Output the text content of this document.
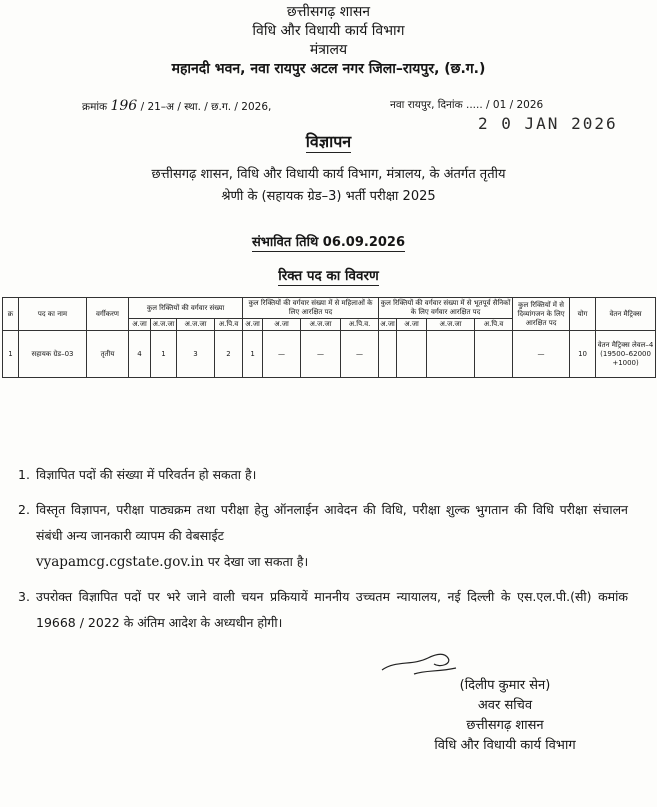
छत्तीसगढ़ शासन
विधि और विधायी कार्य विभाग
मंत्रालय
महानदी भवन, नवा रायपुर अटल नगर जिला–रायपुर, (छ.ग.)
क्रमांक 196 / 21–अ / स्था. / छ.ग. / 2026,	नवा रायपुर, दिनांक ..... / 01 / 2026
2 0 JAN 2026
विज्ञापन
छत्तीसगढ़ शासन, विधि और विधायी कार्य विभाग, मंत्रालय, के अंतर्गत तृतीय
श्रेणी के (सहायक ग्रेड–3) भर्ती परीक्षा 2025
संभावित तिथि 06.09.2026
रिक्त पद का विवरण
क्र	पद का नाम	वर्गीकरण	कुल रिक्तियों की वर्गवार संख्या				कुल रिक्तियों की वर्गवार संख्या में से महिलाओं के लिए आरक्षित पद				कुल रिक्तियों की वर्गवार संख्या में से भूतपूर्व सैनिकों के लिए वर्गवार आरक्षित पद				कुल रिक्तियों में से दिव्यांगजन के लिए आरक्षित पद	योग	वेतन मैट्रिक्स
			अ.जा	अ.ज.जा	अ.ज.जा	अ.पि.व	अ.जा	अ.जा	अ.ज.जा	अ.पि.व.	अ.जा	अ.जा	अ.ज.जा	अ.पि.व			
1	सहायक ग्रेड–03	तृतीय	4	1	3	2	1	—	—	—					—	10	वेतन मैट्रिक्स लेवल–4 (19500–62000 +1000)
1. विज्ञापित पदों की संख्या में परिवर्तन हो सकता है।
2. विस्तृत विज्ञापन, परीक्षा पाठ्यक्रम तथा परीक्षा हेतु ऑनलाईन आवेदन की विधि, परीक्षा शुल्क भुगतान की विधि परीक्षा संचालन संबंधी अन्य जानकारी व्यापम की वेबसाईट
vyapamcg.cgstate.gov.in पर देखा जा सकता है।
3. उपरोक्त विज्ञापित पदों पर भरे जाने वाली चयन प्रकियायें माननीय उच्चतम न्यायालय, नई दिल्ली के एस.एल.पी.(सी) कमांक 19668 / 2022 के अंतिम आदेश के अध्यधीन होगी।
(दिलीप कुमार सेन)
अवर सचिव
छत्तीसगढ़ शासन
विधि और विधायी कार्य विभाग
